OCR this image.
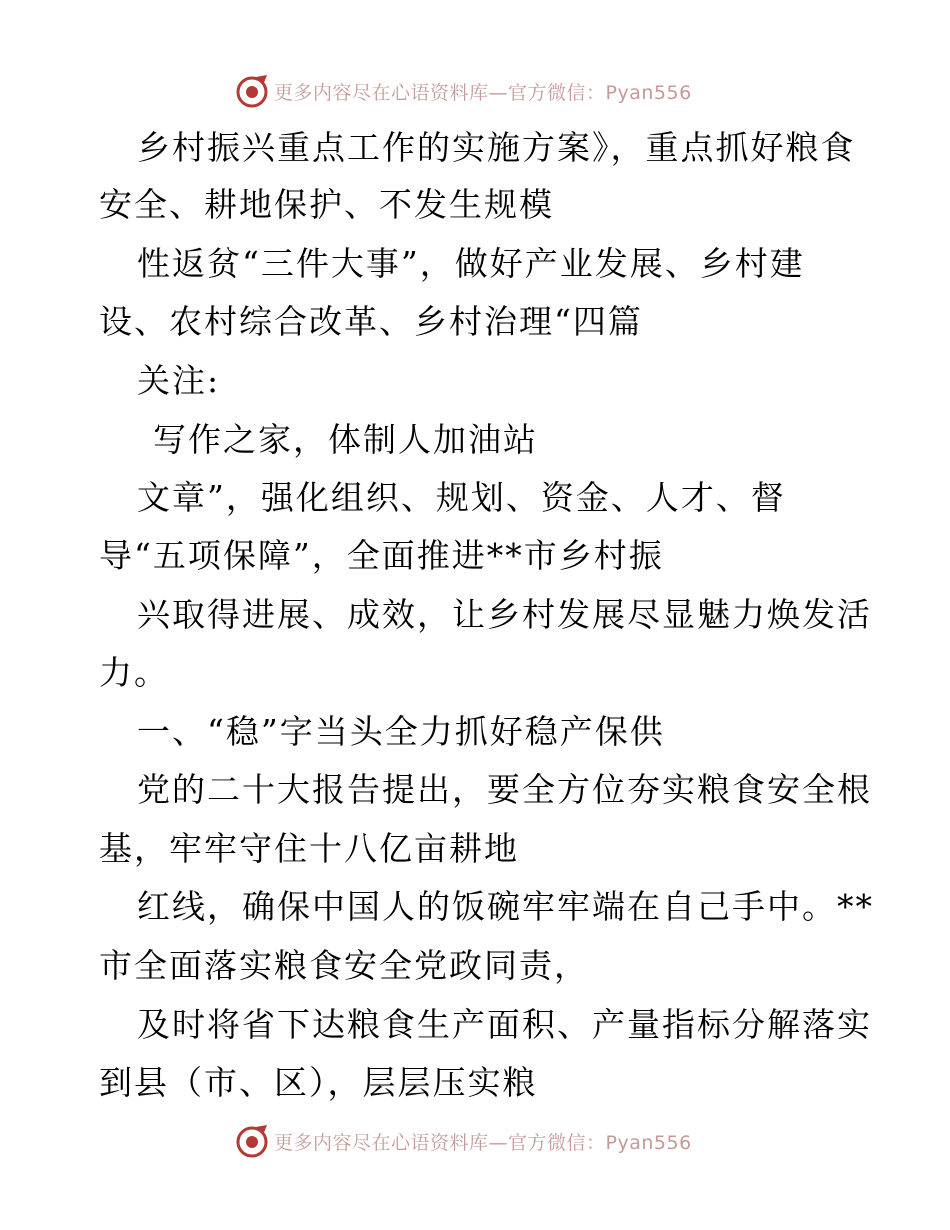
更多内容尽在心语资料库—官方微信：Pyan556
乡村振兴重点工作的实施方案》，重点抓好粮食
安全、耕地保护、不发生规模
性返贫“三件大事”，做好产业发展、乡村建
设、农村综合改革、乡村治理“四篇
关注:
写作之家，体制人加油站
文章”，强化组织、规划、资金、人才、督
导“五项保障”，全面推进**市乡村振
兴取得进展、成效，让乡村发展尽显魅力焕发活
力。
一、“稳”字当头全力抓好稳产保供
党的二十大报告提出，要全方位夯实粮食安全根
基，牢牢守住十八亿亩耕地
红线，确保中国人的饭碗牢牢端在自己手中。**
市全面落实粮食安全党政同责，
及时将省下达粮食生产面积、产量指标分解落实
到县（市、区），层层压实粮
更多内容尽在心语资料库—官方微信：Pyan556
